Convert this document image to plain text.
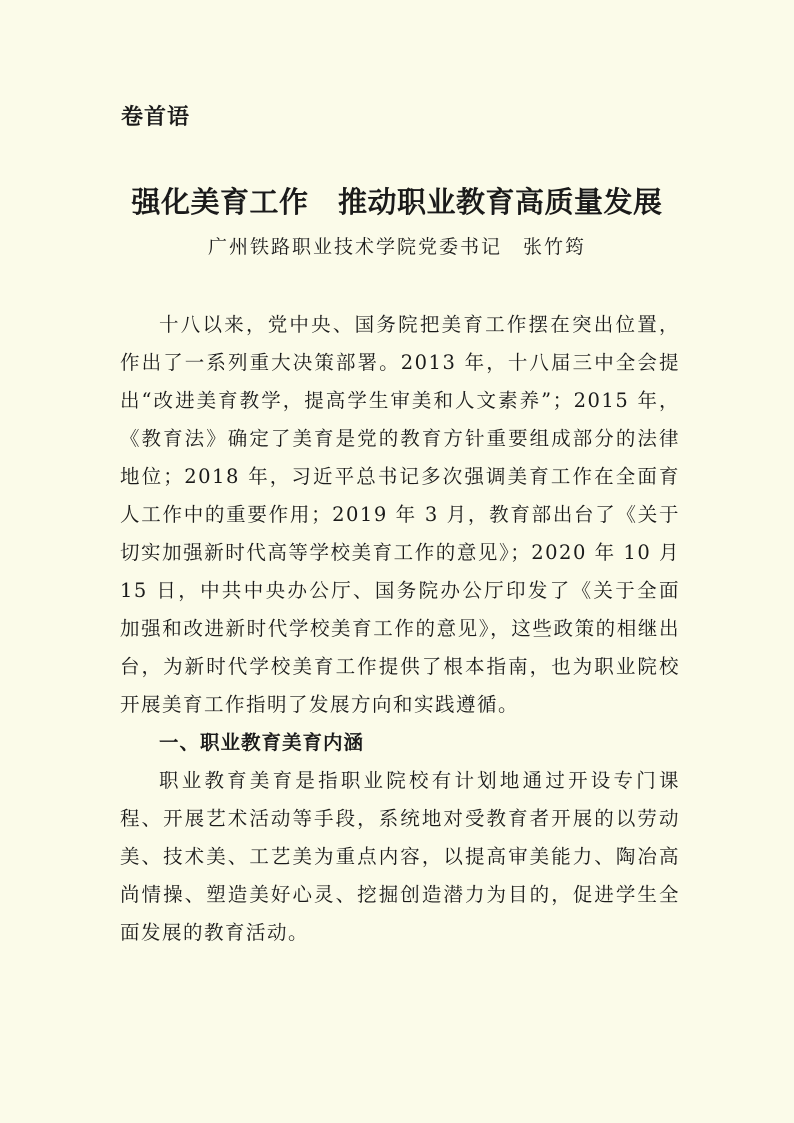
卷首语
强化美育工作　推动职业教育高质量发展

广州铁路职业技术学院党委书记　张竹筠

十八以来，党中央、国务院把美育工作摆在突出位置，作出了一系列重大决策部署。2013 年，十八届三中全会提出“改进美育教学，提高学生审美和人文素养”；2015 年，《教育法》确定了美育是党的教育方针重要组成部分的法律地位；2018 年，习近平总书记多次强调美育工作在全面育人工作中的重要作用；2019 年 3 月，教育部出台了《关于切实加强新时代高等学校美育工作的意见》；2020 年 10 月 15 日，中共中央办公厅、国务院办公厅印发了《关于全面加强和改进新时代学校美育工作的意见》，这些政策的相继出台，为新时代学校美育工作提供了根本指南，也为职业院校开展美育工作指明了发展方向和实践遵循。

一、职业教育美育内涵

职业教育美育是指职业院校有计划地通过开设专门课程、开展艺术活动等手段，系统地对受教育者开展的以劳动美、技术美、工艺美为重点内容，以提高审美能力、陶冶高尚情操、塑造美好心灵、挖掘创造潜力为目的，促进学生全面发展的教育活动。
